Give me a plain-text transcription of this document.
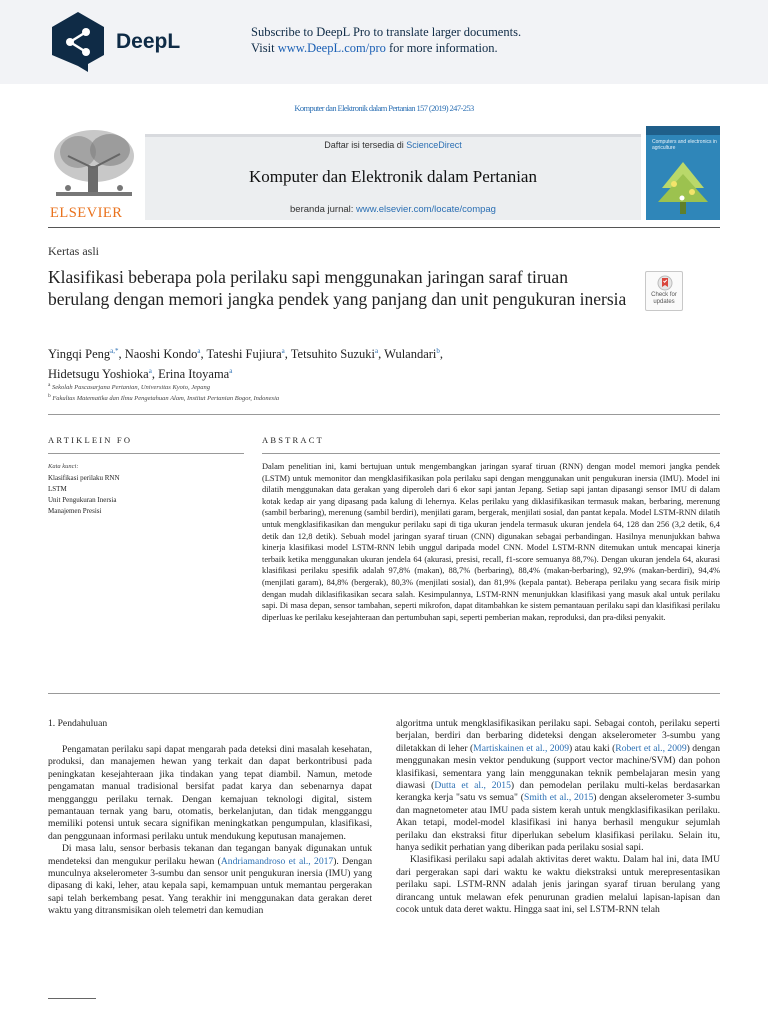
DeepL	Subscribe to DeepL Pro to translate larger documents.
Visit www.DeepL.com/pro for more information.
Komputer dan Elektronik dalam Pertanian 157 (2019) 247-253
ELSEVIER
Daftar isi tersedia di ScienceDirect
Komputer dan Elektronik dalam Pertanian
beranda jurnal: www.elsevier.com/locate/compag
Computers and electronics in agriculture
Kertas asli
Klasifikasi beberapa pola perilaku sapi menggunakan jaringan saraf tiruan berulang dengan memori jangka pendek yang panjang dan unit pengukuran inersia	Check for updates
Yingqi Peng$^{a,*}$, Naoshi Kondo$^a$, Tateshi Fujiura$^a$, Tetsuhito Suzuki$^a$, Wulandari$^b$,
Hidetsugu Yoshioka$^a$, Erina Itoyama$^a$
$^a$ Sekolah Pascasarjana Pertanian, Universitas Kyoto, Jepang
$^b$ Fakultas Matematika dan Ilmu Pengetahuan Alam, Institut Pertanian Bogor, Indonesia
ARTIKLEIN FO
Kata kunci:
Klasifikasi perilaku RNN
LSTM
Unit Pengukuran Inersia
Manajemen Presisi
ABSTRACT
Dalam penelitian ini, kami bertujuan untuk mengembangkan jaringan syaraf tiruan (RNN) dengan model memori jangka pendek (LSTM) untuk memonitor dan mengklasifikasikan pola perilaku sapi dengan menggunakan unit pengukuran inersia (IMU). Model ini dilatih menggunakan data gerakan yang diperoleh dari 6 ekor sapi jantan Jepang. Setiap sapi jantan dipasangi sensor IMU di dalam kotak kedap air yang dipasang pada kalung di lehernya. Kelas perilaku yang diklasifikasikan termasuk makan, berbaring, merenung (sambil berbaring), merenung (sambil berdiri), menjilati garam, bergerak, menjilati sosial, dan pantat kepala. Model LSTM-RNN dilatih untuk mengklasifikasikan dan mengukur perilaku sapi di tiga ukuran jendela termasuk ukuran jendela 64, 128 dan 256 (3,2 detik, 6,4 detik dan 12,8 detik). Sebuah model jaringan syaraf tiruan (CNN) digunakan sebagai perbandingan. Hasilnya menunjukkan bahwa kinerja klasifikasi model LSTM-RNN lebih unggul daripada model CNN. Model LSTM-RNN ditemukan untuk mencapai kinerja terbaik ketika menggunakan ukuran jendela 64 (akurasi, presisi, recall, f1-score semuanya 88,7%). Dengan ukuran jendela 64, akurasi klasifikasi perilaku spesifik adalah 97,8% (makan), 88,7% (berbaring), 88,4% (makan-berbaring), 92,9% (makan-berdiri), 94,4% (menjilati garam), 84,8% (bergerak), 80,3% (menjilati sosial), dan 81,9% (kepala pantat). Beberapa perilaku yang secara fisik mirip dengan mudah diklasifikasikan secara salah. Kesimpulannya, LSTM-RNN menunjukkan klasifikasi yang masuk akal untuk perilaku sapi. Di masa depan, sensor tambahan, seperti mikrofon, dapat ditambahkan ke sistem pemantauan perilaku sapi dan klasifikasi perilaku diperluas ke perilaku kesejahteraan dan pertumbuhan sapi, seperti pemberian makan, reproduksi, dan pra-diksi penyakit.
1. Pendahuluan

Pengamatan perilaku sapi dapat mengarah pada deteksi dini masalah kesehatan, produksi, dan manajemen hewan yang terkait dan dapat berkontribusi pada peningkatan kesejahteraan jika tindakan yang tepat diambil. Namun, metode pengamatan manual tradisional bersifat padat karya dan sebenarnya dapat mengganggu perilaku ternak. Dengan kemajuan teknologi digital, sistem pemantauan ternak yang baru, otomatis, berkelanjutan, dan tidak mengganggu memiliki potensi untuk secara signifikan meningkatkan pengumpulan, klasifikasi, dan penggunaan informasi perilaku untuk mendukung keputusan manajemen.

Di masa lalu, sensor berbasis tekanan dan tegangan banyak digunakan untuk mendeteksi dan mengukur perilaku hewan (Andriamandroso et al., 2017). Dengan munculnya akselerometer 3-sumbu dan sensor unit pengukuran inersia (IMU) yang dipasang di kaki, leher, atau kepala sapi, kemampuan untuk memantau pergerakan sapi telah berkembang pesat. Yang terakhir ini menggunakan data gerakan deret waktu yang ditransmisikan oleh telemetri dan kemudian

algoritma untuk mengklasifikasikan perilaku sapi. Sebagai contoh, perilaku seperti berjalan, berdiri dan berbaring dideteksi dengan akselerometer 3-sumbu yang diletakkan di leher (Martiskainen et al., 2009) atau kaki (Robert et al., 2009) dengan menggunakan mesin vektor pendukung (support vector machine/SVM) dan pohon klasifikasi, sementara yang lain menggunakan teknik pembelajaran mesin yang diawasi (Dutta et al., 2015) dan pemodelan perilaku multi-kelas berdasarkan kerangka kerja "satu vs semua" (Smith et al., 2015) dengan akselerometer 3-sumbu dan magnetometer atau IMU pada sistem kerah untuk mengklasifikasikan perilaku. Akan tetapi, model-model klasifikasi ini hanya berhasil mengukur sejumlah perilaku dan ekstraksi fitur diperlukan sebelum klasifikasi perilaku. Selain itu, hanya sedikit perhatian yang diberikan pada perilaku sosial sapi.

Klasifikasi perilaku sapi adalah aktivitas deret waktu. Dalam hal ini, data IMU dari pergerakan sapi dari waktu ke waktu diekstraksi untuk merepresentasikan perilaku sapi. LSTM-RNN adalah jenis jaringan syaraf tiruan berulang yang dirancang untuk melawan efek penurunan gradien melalui lapisan-lapisan dan cocok untuk data deret waktu. Hingga saat ini, sel LSTM-RNN telah
